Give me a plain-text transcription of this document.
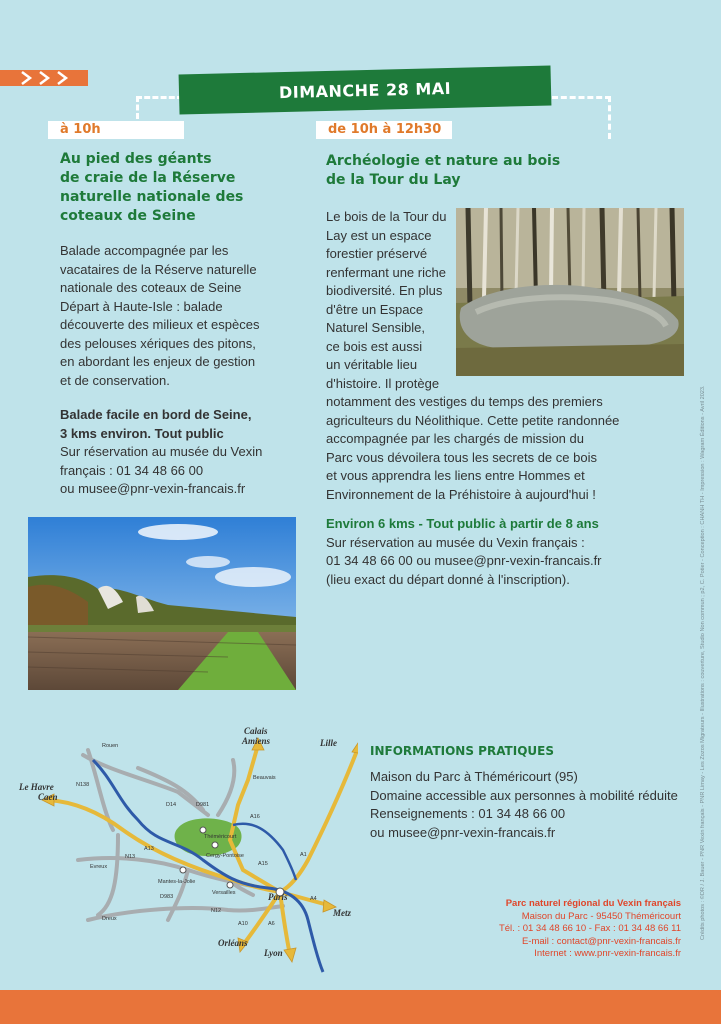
DIMANCHE 28 MAI
à 10h
Au pied des géants
de craie de la Réserve
naturelle nationale des
coteaux de Seine
Balade accompagnée par les
vacataires de la Réserve naturelle
nationale des coteaux de Seine
Départ à Haute-Isle : balade
découverte des milieux et espèces
des pelouses xériques des pitons,
en abordant les enjeux de gestion
et de conservation.
Balade facile en bord de Seine,
3 kms environ. Tout public
Sur réservation au musée du Vexin
français : 01 34 48 66 00
ou musee@pnr-vexin-francais.fr
de 10h à 12h30
Archéologie et nature au bois
de la Tour du Lay
Le bois de la Tour du
Lay est un espace
forestier préservé
renfermant une riche
biodiversité. En plus
d'être un Espace
Naturel Sensible,
ce bois est aussi
un véritable lieu
d'histoire. Il protège
notamment des vestiges du temps des premiers
agriculteurs du Néolithique. Cette petite randonnée
accompagnée par les chargés de mission du
Parc vous dévoilera tous les secrets de ce bois
et vous apprendra les liens entre Hommes et
Environnement de la Préhistoire à aujourd'hui !
Environ 6 kms - Tout public à partir de 8 ans
Sur réservation au musée du Vexin français :
01 34 48 66 00 ou musee@pnr-vexin-francais.fr
(lieu exact du départ donné à l'inscription).
Calais
Amiens	Lille
Le Havre
Caen
Paris
Metz
Orléans
Lyon
Rouen
Beauvais
Théméricourt
Cergy-Pontoise
Evreux
Mantes-la-Jolie
Versailles
Dreux
N138
D14	D981
A16
A13
N13
A15
A1
D983
N12
A4
A10	A6
INFORMATIONS PRATIQUES
Maison du Parc à Théméricourt (95)
Domaine accessible aux personnes à mobilité réduite
Renseignements : 01 34 48 66 00
ou musee@pnr-vexin-francais.fr
Parc naturel régional du Vexin français
Maison du Parc - 95450 Théméricourt
Tél. : 01 34 48 66 10 - Fax : 01 34 48 66 11
E-mail : contact@pnr-vexin-francais.fr
Internet : www.pnr-vexin-francais.fr
Crédits photos : ©DR / J. Bauer - PNR Vexin français - PNR Limay - Les Zozos Migrateurs - Illustrations : couverture, Studio Non commun ; p2, C. Potier - Conception : CHANH TH - Impression : Wagram Éditions - Avril 2023.
